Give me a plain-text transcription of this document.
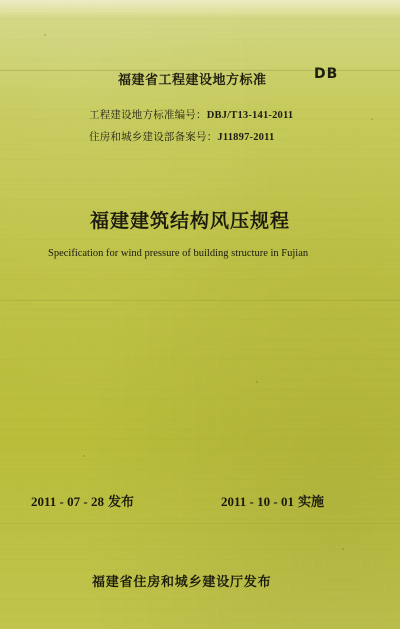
福建省工程建设地方标准	DB
工程建设地方标准编号：DBJ/T13-141-2011
住房和城乡建设部备案号：J11897-2011
福建建筑结构风压规程
Specification for wind pressure of building structure in Fujian
2011 - 07 - 28 发布	2011 - 10 - 01 实施
福建省住房和城乡建设厅发布
